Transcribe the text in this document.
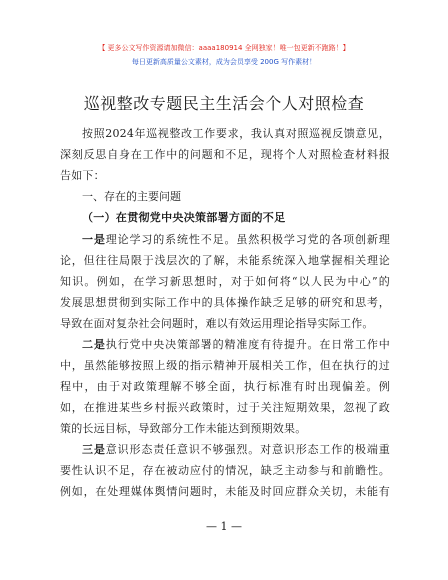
【 更多公文写作资源请加微信：aaaa180914 全网独家！唯一包更新不跑路！】
每日更新高质量公文素材，成为会员享受 200G 写作素材！
巡视整改专题民主生活会个人对照检查
按照2024年巡视整改工作要求，我认真对照巡视反馈意见，
深刻反思自身在工作中的问题和不足，现将个人对照检查材料报
告如下：
一、存在的主要问题
（一）在贯彻党中央决策部署方面的不足
一是理论学习的系统性不足。虽然积极学习党的各项创新理
论，但往往局限于浅层次的了解，未能系统深入地掌握相关理论
知识。例如，在学习新思想时，对于如何将“以人民为中心”的
发展思想贯彻到实际工作中的具体操作缺乏足够的研究和思考，
导致在面对复杂社会问题时，难以有效运用理论指导实际工作。
二是执行党中央决策部署的精准度有待提升。在日常工作中
中，虽然能够按照上级的指示精神开展相关工作，但在执行的过
程中，由于对政策理解不够全面，执行标准有时出现偏差。例
如，在推进某些乡村振兴政策时，过于关注短期效果，忽视了政
策的长远目标，导致部分工作未能达到预期效果。
三是意识形态责任意识不够强烈。对意识形态工作的极端重
要性认识不足，存在被动应付的情况，缺乏主动参与和前瞻性。
例如，在处理媒体舆情问题时，未能及时回应群众关切，未能有
— 1 —
